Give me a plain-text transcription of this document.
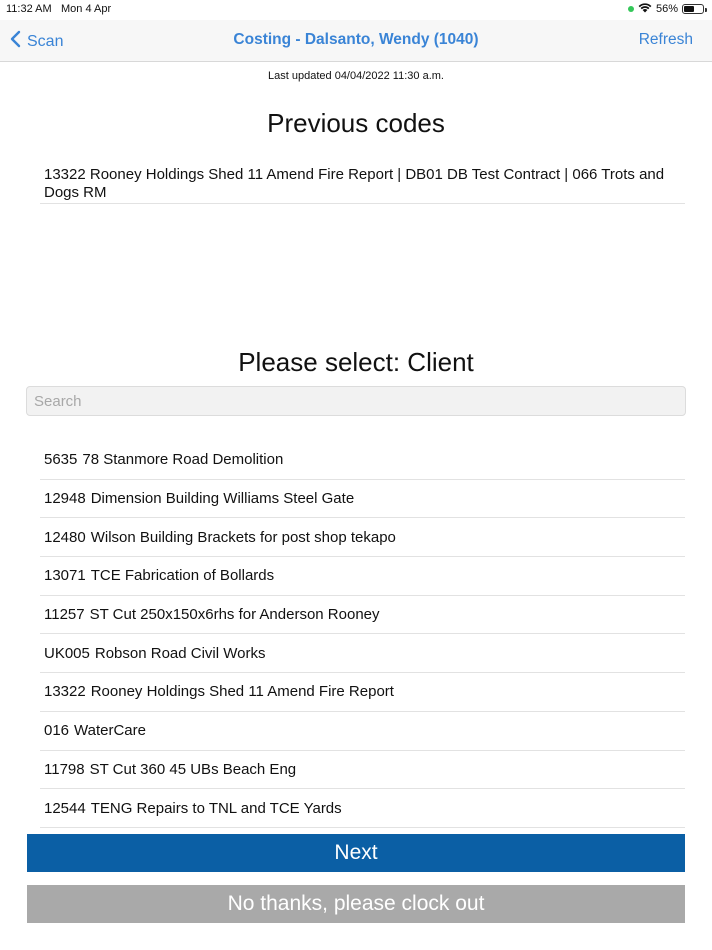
11:32 AM Mon 4 Apr	56%
Scan	Costing - Dalsanto, Wendy (1040)	Refresh
Last updated 04/04/2022 11:30 a.m.
Previous codes
13322 Rooney Holdings Shed 11 Amend Fire Report | DB01 DB Test Contract | 066 Trots and Dogs RM
Please select: Client
Search
5635 78 Stanmore Road Demolition
12948 Dimension Building Williams Steel Gate
12480 Wilson Building Brackets for post shop tekapo
13071 TCE Fabrication of Bollards
11257 ST Cut 250x150x6rhs for Anderson Rooney
UK005 Robson Road Civil Works
13322 Rooney Holdings Shed 11 Amend Fire Report
016 WaterCare
11798 ST Cut 360 45 UBs Beach Eng
12544 TENG Repairs to TNL and TCE Yards
Next
No thanks, please clock out
